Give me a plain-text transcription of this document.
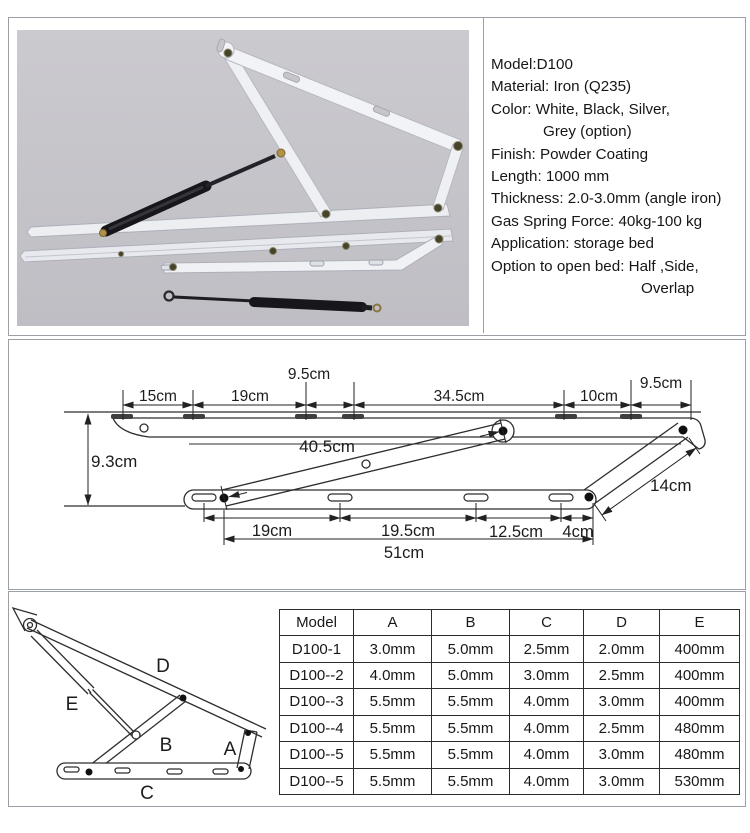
Model:D100
Material: Iron (Q235)
Color: White, Black, Silver,
Grey (option)
Finish: Powder Coating
Length: 1000 mm
Thickness: 2.0-3.0mm (angle iron)
Gas Spring Force: 40kg-100 kg
Application: storage bed
Option to open bed: Half ,Side,
Overlap
15cm	19cm
9.5cm
34.5cm	10cm
9.5cm
9.3cm
40.5cm
14cm
19cm	19.5cm	12.5cm 4cm
51cm
A
B
C
D
E
Model	A	B	C	D	E
D100-1	3.0mm	5.0mm	2.5mm	2.0mm	400mm
D100--2	4.0mm	5.0mm	3.0mm	2.5mm	400mm
D100--3	5.5mm	5.5mm	4.0mm	3.0mm	400mm
D100--4	5.5mm	5.5mm	4.0mm	2.5mm	480mm
D100--5	5.5mm	5.5mm	4.0mm	3.0mm	480mm
D100--5	5.5mm	5.5mm	4.0mm	3.0mm	530mm
